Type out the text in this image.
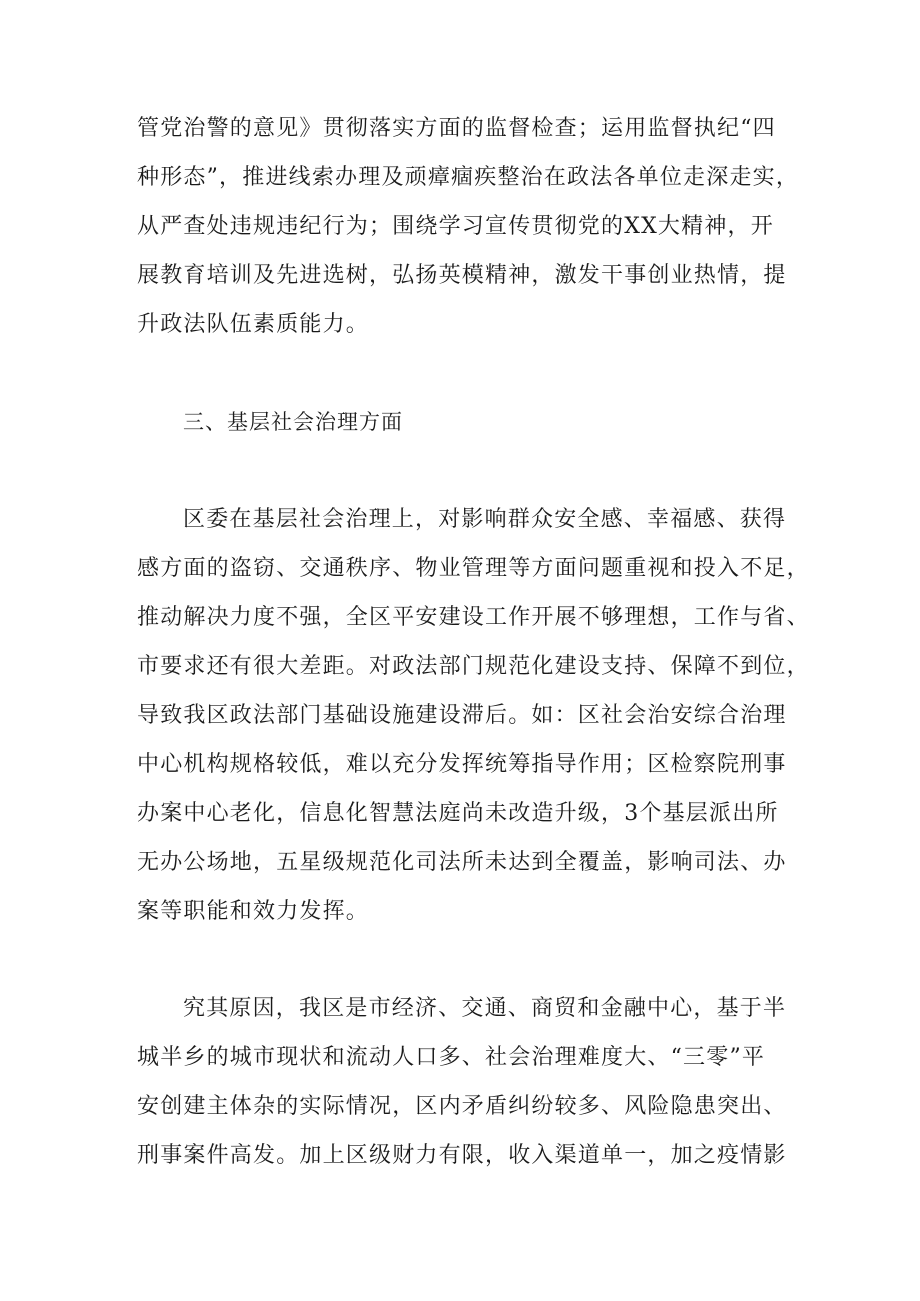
管党治警的意见》贯彻落实方面的监督检查；运用监督执纪“四
种形态”，推进线索办理及顽瘴痼疾整治在政法各单位走深走实，
从严查处违规违纪行为；围绕学习宣传贯彻党的XX大精神，开
展教育培训及先进选树，弘扬英模精神，激发干事创业热情，提
升政法队伍素质能力。
三、基层社会治理方面
区委在基层社会治理上，对影响群众安全感、幸福感、获得
感方面的盗窃、交通秩序、物业管理等方面问题重视和投入不足，
推动解决力度不强，全区平安建设工作开展不够理想，工作与省、
市要求还有很大差距。对政法部门规范化建设支持、保障不到位，
导致我区政法部门基础设施建设滞后。如：区社会治安综合治理
中心机构规格较低，难以充分发挥统筹指导作用；区检察院刑事
办案中心老化，信息化智慧法庭尚未改造升级，3个基层派出所
无办公场地，五星级规范化司法所未达到全覆盖，影响司法、办
案等职能和效力发挥。
究其原因，我区是市经济、交通、商贸和金融中心，基于半
城半乡的城市现状和流动人口多、社会治理难度大、“三零”平
安创建主体杂的实际情况，区内矛盾纠纷较多、风险隐患突出、
刑事案件高发。加上区级财力有限，收入渠道单一，加之疫情影
